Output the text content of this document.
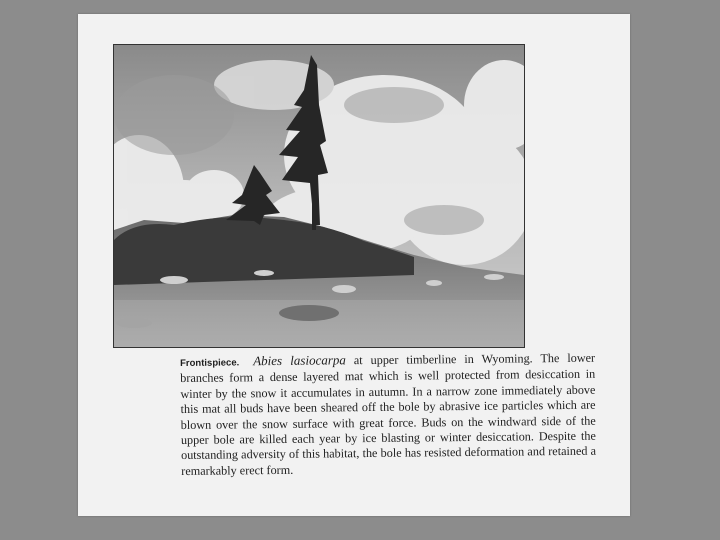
Frontispiece. Abies lasiocarpa at upper timberline in Wyoming. The lower branches form a dense layered mat which is well protected from desiccation in winter by the snow it accumulates in autumn. In a narrow zone immediately above this mat all buds have been sheared off the bole by abrasive ice particles which are blown over the snow surface with great force. Buds on the windward side of the upper bole are killed each year by ice blasting or winter desiccation. Despite the outstanding adversity of this habitat, the bole has resisted deformation and retained a remarkably erect form.
